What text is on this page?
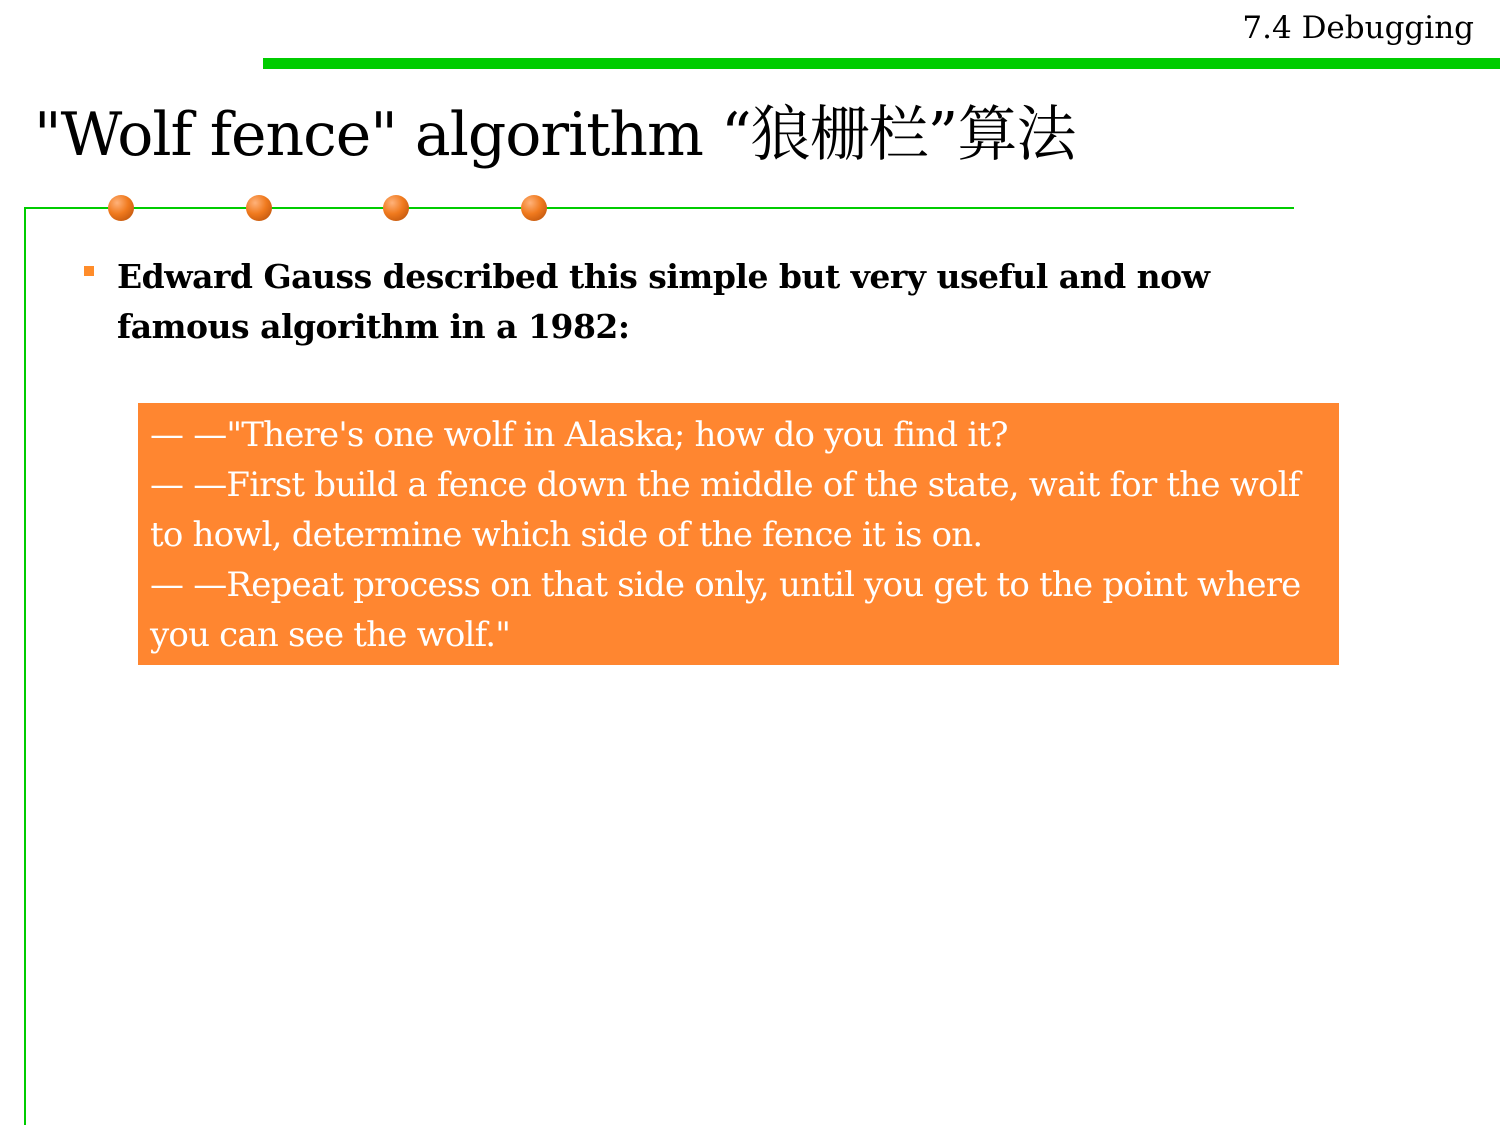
7.4 Debugging
"Wolf fence" algorithm “狼栅栏”算法
Edward Gauss described this simple but very useful and now famous algorithm in a 1982:
— —"There's one wolf in Alaska; how do you find it?
— —First build a fence down the middle of the state, wait for the wolf to howl, determine which side of the fence it is on.
— —Repeat process on that side only, until you get to the point where you can see the wolf."
